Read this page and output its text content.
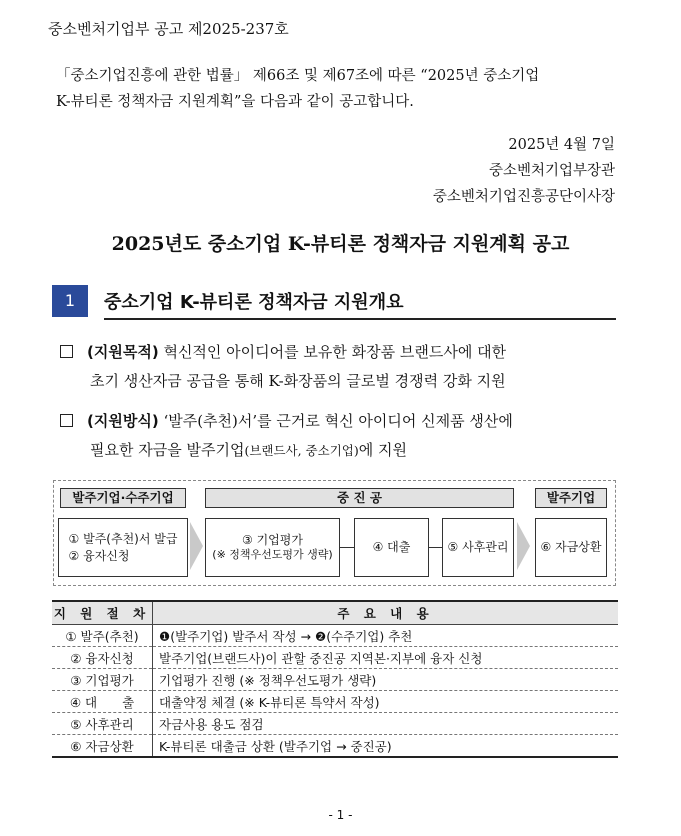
중소벤처기업부 공고 제2025-237호
「중소기업진흥에 관한 법률」 제66조 및 제67조에 따른 “2025년 중소기업
K-뷰티론 정책자금 지원계획”을 다음과 같이 공고합니다.
2025년 4월 7일
중소벤처기업부장관
중소벤처기업진흥공단이사장
2025년도 중소기업 K-뷰티론 정책자금 지원계획 공고
1	중소기업 K-뷰티론 정책자금 지원개요
(지원목적) 혁신적인 아이디어를 보유한 화장품 브랜드사에 대한
초기 생산자금 공급을 통해 K-화장품의 글로벌 경쟁력 강화 지원
(지원방식) ‘발주(추천)서’를 근거로 혁신 아이디어 신제품 생산에
필요한 자금을 발주기업(브랜드사, 중소기업)에 지원
발주기업·수주기업	중 진 공	발주기업
① 발주(추천)서 발급
② 융자신청
③ 기업평가
(※ 정책우선도평가 생략)
④ 대출	⑤ 사후관리	⑥ 자금상환
지 원 절 차	주 요 내 용
① 발주(추천)	❶(발주기업) 발주서 작성 → ❷(수주기업) 추천
② 융자신청	발주기업(브랜드사)이 관할 중진공 지역본·지부에 융자 신청
③ 기업평가	기업평가 진행 (※ 정책우선도평가 생략)
④ 대　　출	대출약정 체결 (※ K-뷰티론 특약서 작성)
⑤ 사후관리	자금사용 용도 점검
⑥ 자금상환	K-뷰티론 대출금 상환 (발주기업 → 중진공)
- 1 -
